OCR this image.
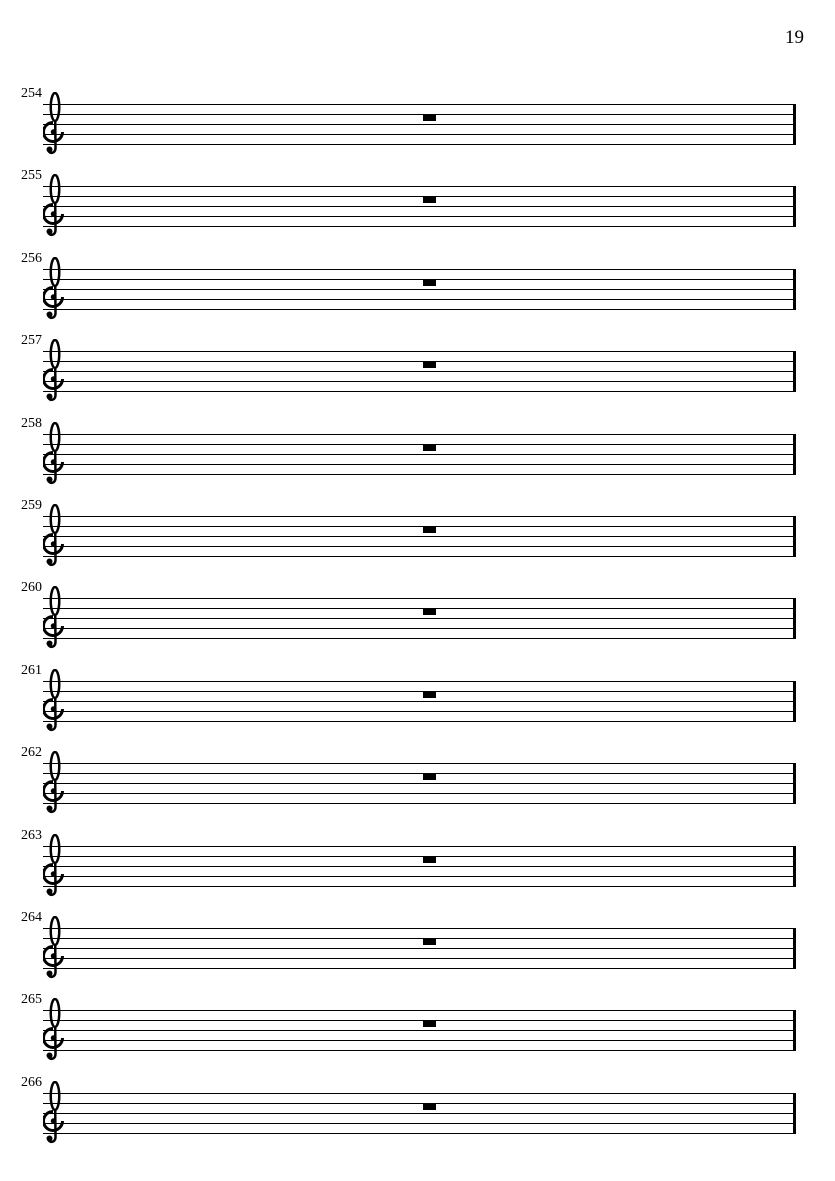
19
254
255
256
257
258
259
260
261
262
263
264
265
266
